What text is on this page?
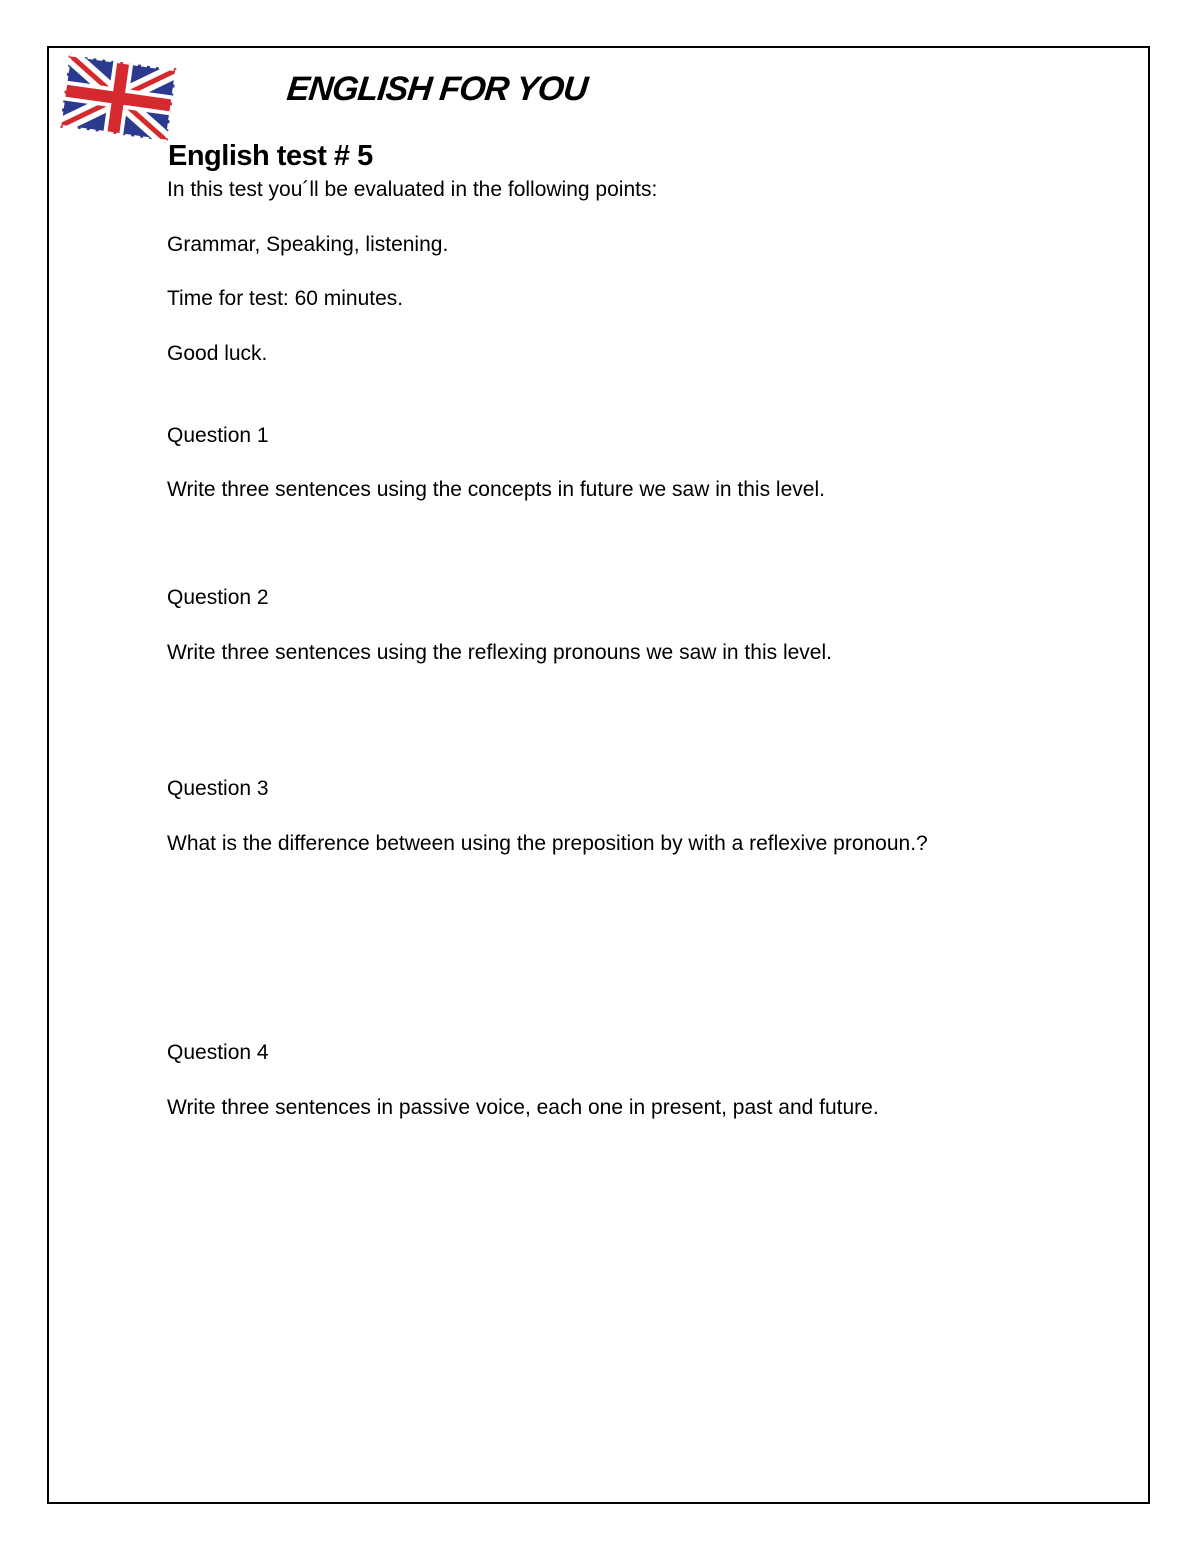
ENGLISH FOR YOU
English test # 5
In this test you´ll be evaluated in the following points:
Grammar, Speaking, listening.
Time for test: 60 minutes.
Good luck.
Question 1
Write three sentences using the concepts in future we saw in this level.
Question 2
Write three sentences using the reflexing pronouns we saw in this level.
Question 3
What is the difference between using the preposition by with a reflexive pronoun.?
Question 4
Write three sentences in passive voice, each one in present, past and future.
